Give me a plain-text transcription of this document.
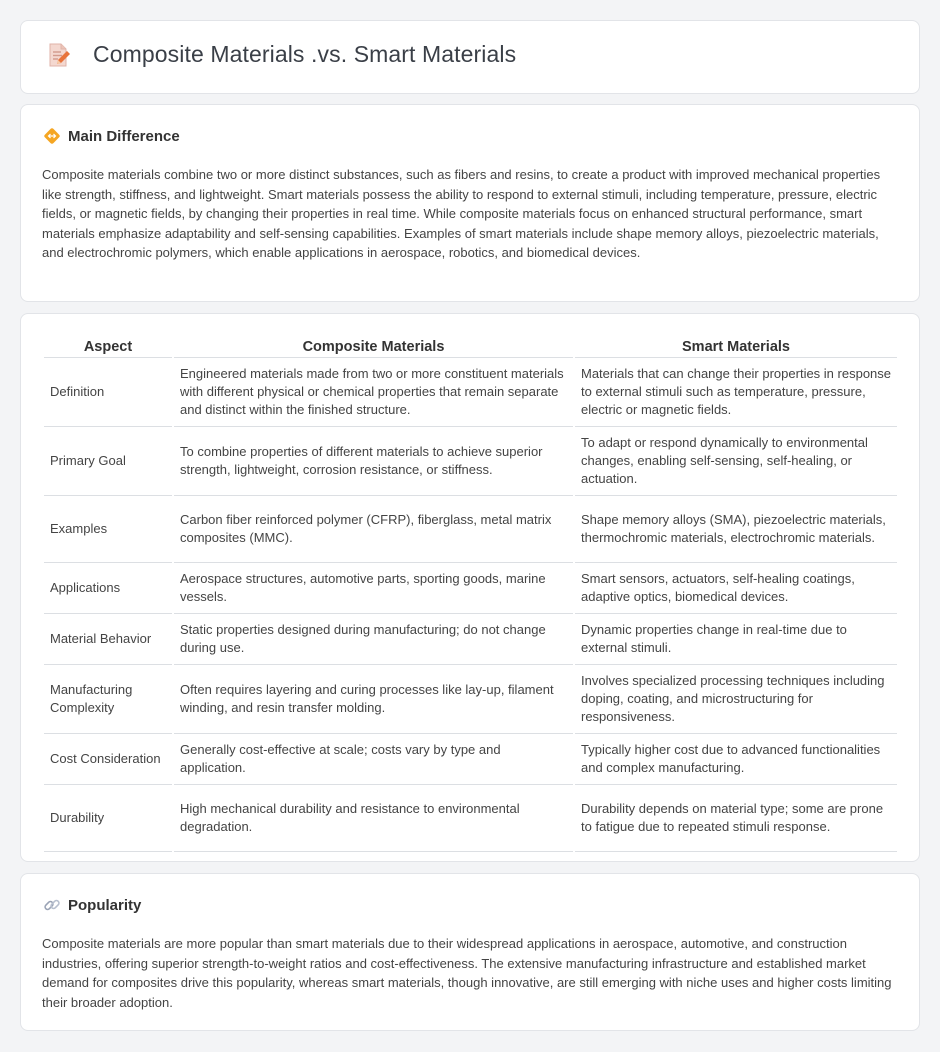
Composite Materials .vs. Smart Materials
Main Difference

Composite materials combine two or more distinct substances, such as fibers and resins, to create a product with improved mechanical properties like strength, stiffness, and lightweight. Smart materials possess the ability to respond to external stimuli, including temperature, pressure, electric fields, or magnetic fields, by changing their properties in real time. While composite materials focus on enhanced structural performance, smart materials emphasize adaptability and self-sensing capabilities. Examples of smart materials include shape memory alloys, piezoelectric materials, and electrochromic polymers, which enable applications in aerospace, robotics, and biomedical devices.

Aspect	Composite Materials	Smart Materials
Definition	Engineered materials made from two or more constituent materials with different physical or chemical properties that remain separate and distinct within the finished structure.	Materials that can change their properties in response to external stimuli such as temperature, pressure, electric or magnetic fields.
Primary Goal	To combine properties of different materials to achieve superior strength, lightweight, corrosion resistance, or stiffness.	To adapt or respond dynamically to environmental changes, enabling self-sensing, self-healing, or actuation.
Examples	Carbon fiber reinforced polymer (CFRP), fiberglass, metal matrix composites (MMC).	Shape memory alloys (SMA), piezoelectric materials, thermochromic materials, electrochromic materials.
Applications	Aerospace structures, automotive parts, sporting goods, marine vessels.	Smart sensors, actuators, self-healing coatings, adaptive optics, biomedical devices.
Material Behavior	Static properties designed during manufacturing; do not change during use.	Dynamic properties change in real-time due to external stimuli.
Manufacturing Complexity	Often requires layering and curing processes like lay-up, filament winding, and resin transfer molding.	Involves specialized processing techniques including doping, coating, and microstructuring for responsiveness.
Cost Consideration	Generally cost-effective at scale; costs vary by type and application.	Typically higher cost due to advanced functionalities and complex manufacturing.
Durability	High mechanical durability and resistance to environmental degradation.	Durability depends on material type; some are prone to fatigue due to repeated stimuli response.
Popularity

Composite materials are more popular than smart materials due to their widespread applications in aerospace, automotive, and construction industries, offering superior strength-to-weight ratios and cost-effectiveness. The extensive manufacturing infrastructure and established market demand for composites drive this popularity, whereas smart materials, though innovative, are still emerging with niche uses and higher costs limiting their broader adoption.
